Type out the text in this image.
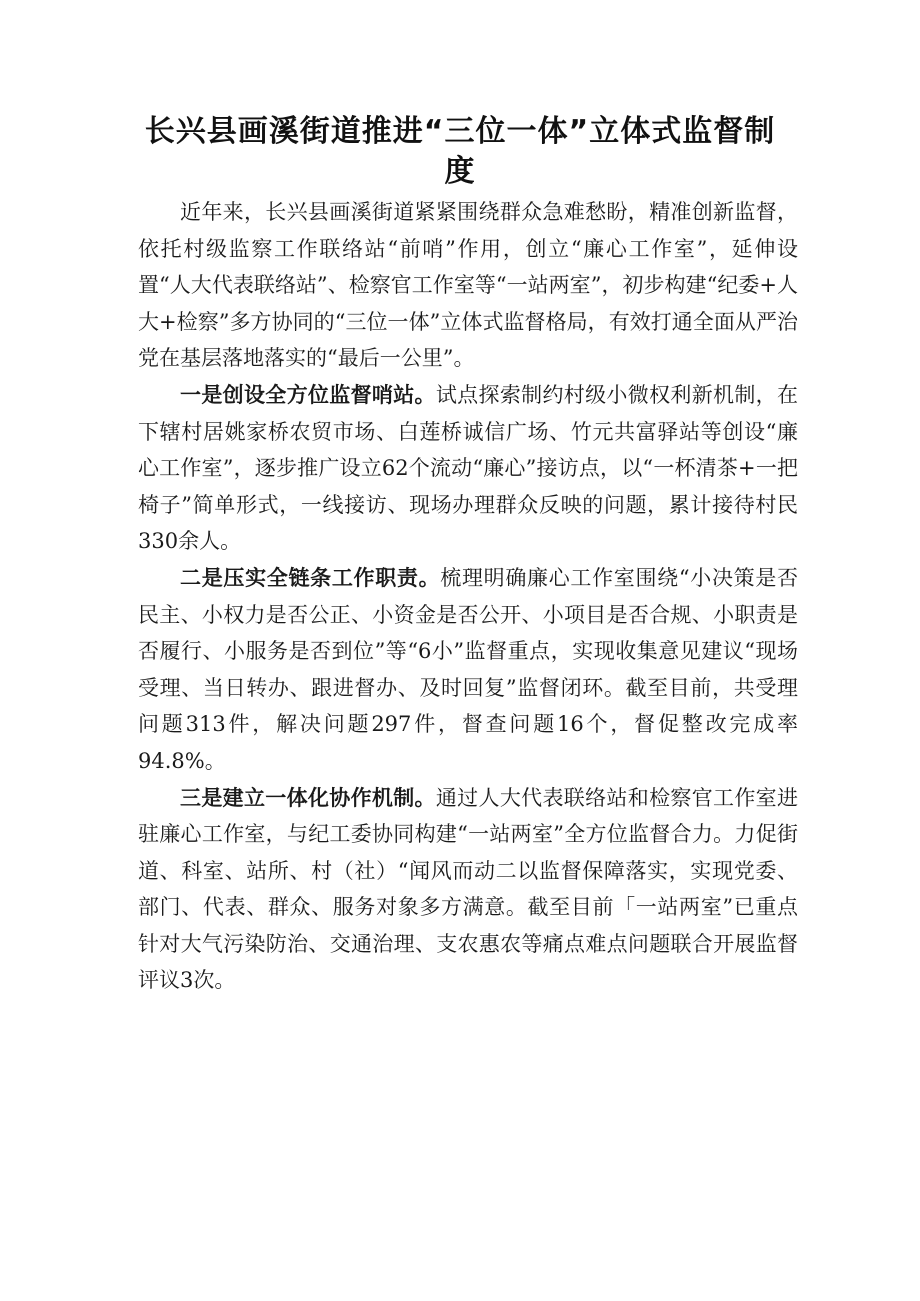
长兴县画溪街道推进“三位一体”立体式监督制度

近年来，长兴县画溪街道紧紧围绕群众急难愁盼，精准创新监督，依托村级监察工作联络站“前哨”作用，创立“廉心工作室”，延伸设置“人大代表联络站”、检察官工作室等“一站两室”，初步构建“纪委+人大+检察”多方协同的“三位一体”立体式监督格局，有效打通全面从严治党在基层落地落实的“最后一公里”。

一是创设全方位监督哨站。试点探索制约村级小微权利新机制，在下辖村居姚家桥农贸市场、白莲桥诚信广场、竹元共富驿站等创设“廉心工作室”，逐步推广设立62个流动“廉心”接访点，以“一杯清茶+一把椅子”简单形式，一线接访、现场办理群众反映的问题，累计接待村民330余人。

二是压实全链条工作职责。梳理明确廉心工作室围绕“小决策是否民主、小权力是否公正、小资金是否公开、小项目是否合规、小职责是否履行、小服务是否到位”等“6小”监督重点，实现收集意见建议“现场受理、当日转办、跟进督办、及时回复”监督闭环。截至目前，共受理问题313件，解决问题297件，督查问题16个，督促整改完成率94.8%。

三是建立一体化协作机制。通过人大代表联络站和检察官工作室进驻廉心工作室，与纪工委协同构建“一站两室”全方位监督合力。力促街道、科室、站所、村（社）“闻风而动二以监督保障落实，实现党委、部门、代表、群众、服务对象多方满意。截至目前「一站两室”已重点针对大气污染防治、交通治理、支农惠农等痛点难点问题联合开展监督评议3次。
